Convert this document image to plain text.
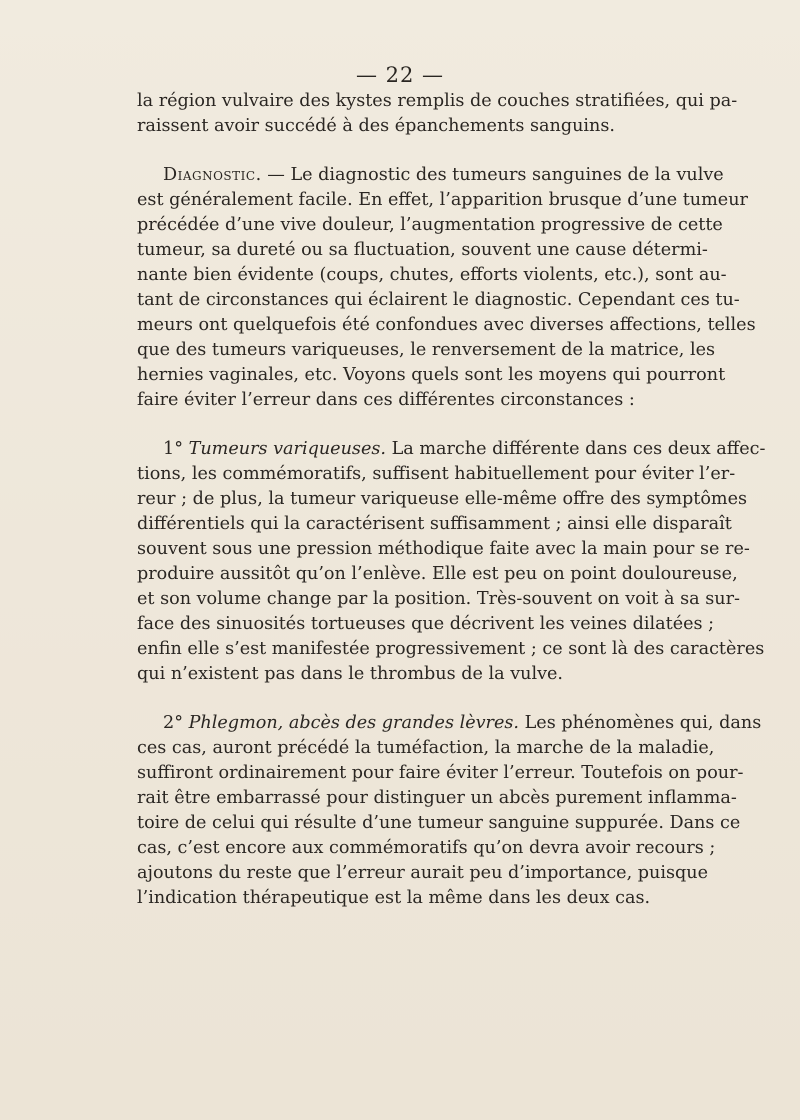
— 22 —
la région vulvaire des kystes remplis de couches stratifiées, qui pa-
raissent avoir succédé à des épanchements sanguins.
Diagnostic. — Le diagnostic des tumeurs sanguines de la vulve
est généralement facile. En effet, l’apparition brusque d’une tumeur
précédée d’une vive douleur, l’augmentation progressive de cette
tumeur, sa dureté ou sa fluctuation, souvent une cause détermi-
nante bien évidente (coups, chutes, efforts violents, etc.), sont au-
tant de circonstances qui éclairent le diagnostic. Cependant ces tu-
meurs ont quelquefois été confondues avec diverses affections, telles
que des tumeurs variqueuses, le renversement de la matrice, les
hernies vaginales, etc. Voyons quels sont les moyens qui pourront
faire éviter l’erreur dans ces différentes circonstances :
1° Tumeurs variqueuses. La marche différente dans ces deux affec-
tions, les commémoratifs, suffisent habituellement pour éviter l’er-
reur ; de plus, la tumeur variqueuse elle-même offre des symptômes
différentiels qui la caractérisent suffisamment ; ainsi elle disparaît
souvent sous une pression méthodique faite avec la main pour se re-
produire aussitôt qu’on l’enlève. Elle est peu on point douloureuse,
et son volume change par la position. Très-souvent on voit à sa sur-
face des sinuosités tortueuses que décrivent les veines dilatées ;
enfin elle s’est manifestée progressivement ; ce sont là des caractères
qui n’existent pas dans le thrombus de la vulve.
2° Phlegmon, abcès des grandes lèvres. Les phénomènes qui, dans
ces cas, auront précédé la tuméfaction, la marche de la maladie,
suffiront ordinairement pour faire éviter l’erreur. Toutefois on pour-
rait être embarrassé pour distinguer un abcès purement inflamma-
toire de celui qui résulte d’une tumeur sanguine suppurée. Dans ce
cas, c’est encore aux commémoratifs qu’on devra avoir recours ;
ajoutons du reste que l’erreur aurait peu d’importance, puisque
l’indication thérapeutique est la même dans les deux cas.
